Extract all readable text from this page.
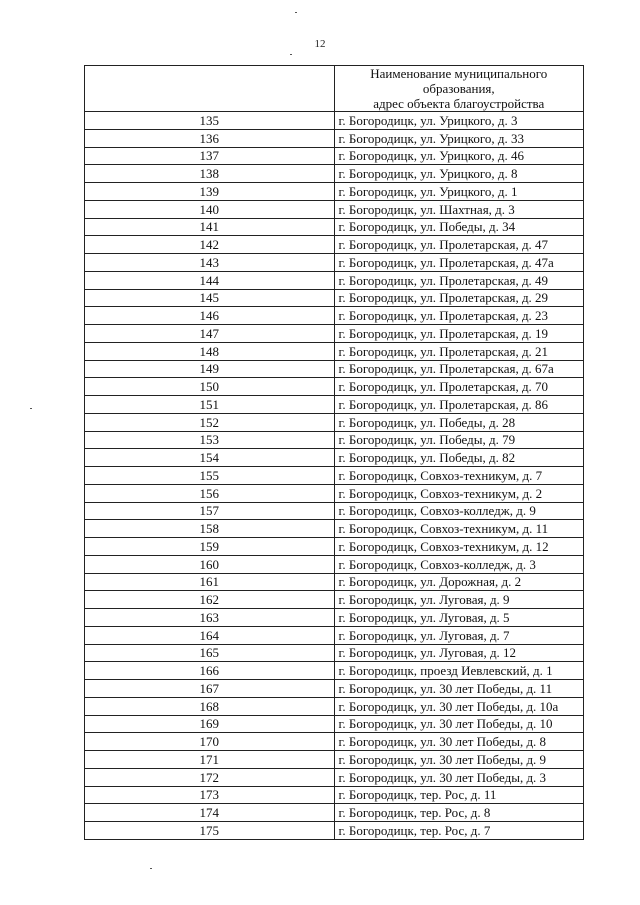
12

	Наименование муниципального образования,
адрес объекта благоустройства

135	г. Богородицк, ул. Урицкого, д. 3
136	г. Богородицк, ул. Урицкого, д. 33
137	г. Богородицк, ул. Урицкого, д. 46
138	г. Богородицк, ул. Урицкого, д. 8
139	г. Богородицк, ул. Урицкого, д. 1
140	г. Богородицк, ул. Шахтная, д. 3
141	г. Богородицк, ул. Победы, д. 34
142	г. Богородицк, ул. Пролетарская, д. 47
143	г. Богородицк, ул. Пролетарская, д. 47а
144	г. Богородицк, ул. Пролетарская, д. 49
145	г. Богородицк, ул. Пролетарская, д. 29
146	г. Богородицк, ул. Пролетарская, д. 23
147	г. Богородицк, ул. Пролетарская, д. 19
148	г. Богородицк, ул. Пролетарская, д. 21
149	г. Богородицк, ул. Пролетарская, д. 67а
150	г. Богородицк, ул. Пролетарская, д. 70
151	г. Богородицк, ул. Пролетарская, д. 86
152	г. Богородицк, ул. Победы, д. 28
153	г. Богородицк, ул. Победы, д. 79
154	г. Богородицк, ул. Победы, д. 82
155	г. Богородицк, Совхоз-техникум, д. 7
156	г. Богородицк, Совхоз-техникум, д. 2
157	г. Богородицк, Совхоз-колледж, д. 9
158	г. Богородицк, Совхоз-техникум, д. 11
159	г. Богородицк, Совхоз-техникум, д. 12
160	г. Богородицк, Совхоз-колледж, д. 3
161	г. Богородицк, ул. Дорожная, д. 2
162	г. Богородицк, ул. Луговая, д. 9
163	г. Богородицк, ул. Луговая, д. 5
164	г. Богородицк, ул. Луговая, д. 7
165	г. Богородицк, ул. Луговая, д. 12
166	г. Богородицк, проезд Иевлевский, д. 1
167	г. Богородицк, ул. 30 лет Победы, д. 11
168	г. Богородицк, ул. 30 лет Победы, д. 10а
169	г. Богородицк, ул. 30 лет Победы, д. 10
170	г. Богородицк, ул. 30 лет Победы, д. 8
171	г. Богородицк, ул. 30 лет Победы, д. 9
172	г. Богородицк, ул. 30 лет Победы, д. 3
173	г. Богородицк, тер. Рос, д. 11
174	г. Богородицк, тер. Рос, д. 8
175	г. Богородицк, тер. Рос, д. 7
